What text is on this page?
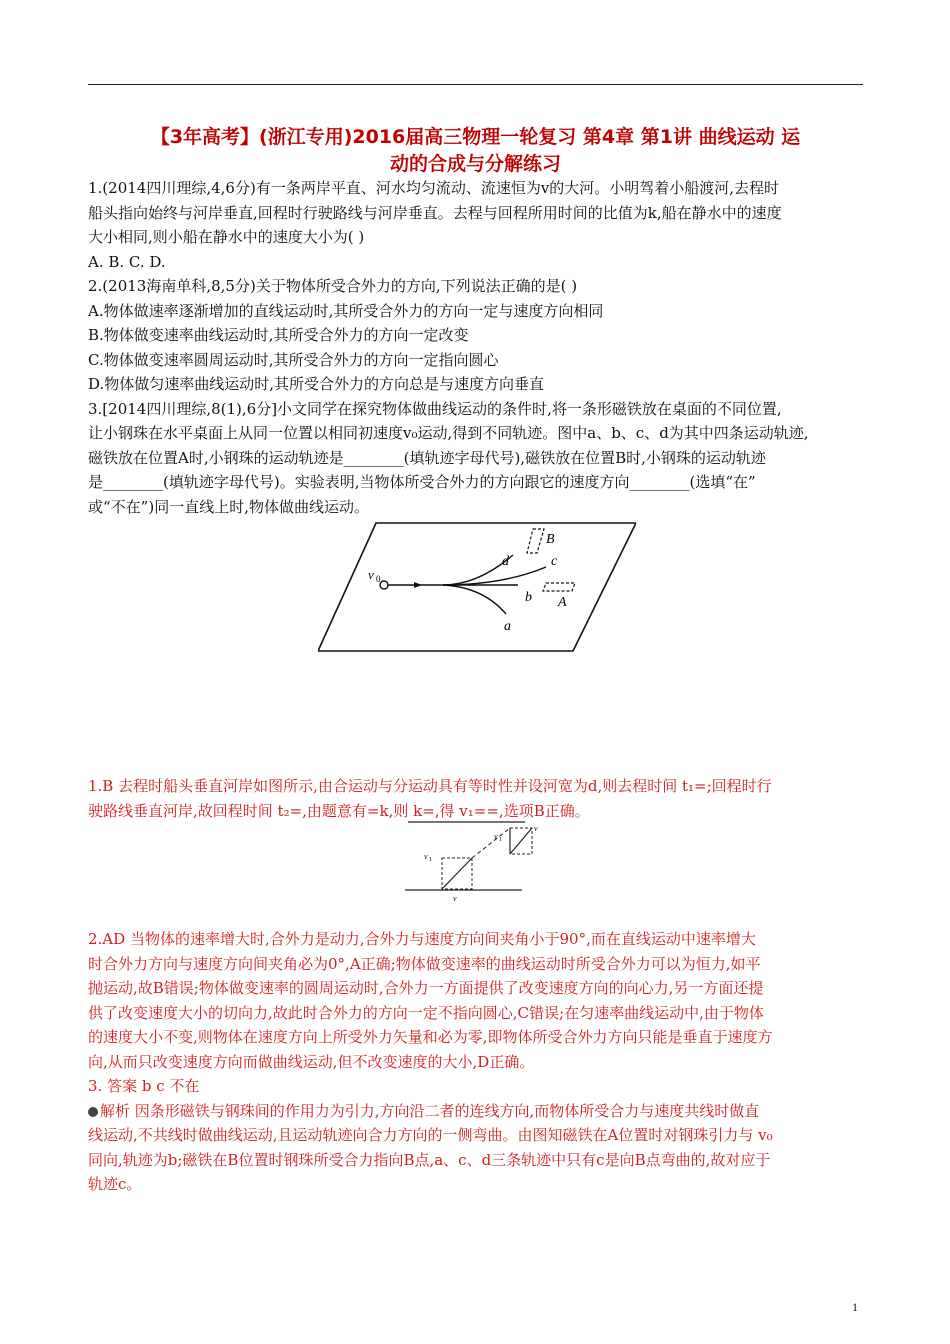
【3年高考】(浙江专用)2016届高三物理一轮复习 第4章 第1讲 曲线运动 运
动的合成与分解练习

1.(2014四川理综,4,6分)有一条两岸平直、河水均匀流动、流速恒为v的大河。小明驾着小船渡河,去程时

船头指向始终与河岸垂直,回程时行驶路线与河岸垂直。去程与回程所用时间的比值为k,船在静水中的速度

大小相同,则小船在静水中的速度大小为( )

A. B. C. D.

2.(2013海南单科,8,5分)关于物体所受合外力的方向,下列说法正确的是( )

A.物体做速率逐渐增加的直线运动时,其所受合外力的方向一定与速度方向相同

B.物体做变速率曲线运动时,其所受合外力的方向一定改变

C.物体做变速率圆周运动时,其所受合外力的方向一定指向圆心

D.物体做匀速率曲线运动时,其所受合外力的方向总是与速度方向垂直

3.[2014四川理综,8(1),6分]小文同学在探究物体做曲线运动的条件时,将一条形磁铁放在桌面的不同位置,

让小钢珠在水平桌面上从同一位置以相同初速度v₀运动,得到不同轨迹。图中a、b、c、d为其中四条运动轨迹,

磁铁放在位置A时,小钢珠的运动轨迹是________(填轨迹字母代号),磁铁放在位置B时,小钢珠的运动轨迹

是________(填轨迹字母代号)。实验表明,当物体所受合外力的方向跟它的速度方向________(选填“在”

或“不在”)同一直线上时,物体做曲线运动。

v 0
d	c
b
a
B
A

1.B 去程时船头垂直河岸如图所示,由合运动与分运动具有等时性并设河宽为d,则去程时间 t₁=;回程时行

驶路线垂直河岸,故回程时间 t₂=,由题意有=k,则 k=,得 v₁==,选项B正确。

v 1
v 1
v
v

2.AD 当物体的速率增大时,合外力是动力,合外力与速度方向间夹角小于90°,而在直线运动中速率增大

时合外力方向与速度方向间夹角必为0°,A正确;物体做变速率的曲线运动时所受合外力可以为恒力,如平

抛运动,故B错误;物体做变速率的圆周运动时,合外力一方面提供了改变速度方向的向心力,另一方面还提

供了改变速度大小的切向力,故此时合外力的方向一定不指向圆心,C错误;在匀速率曲线运动中,由于物体

的速度大小不变,则物体在速度方向上所受外力矢量和必为零,即物体所受合外力方向只能是垂直于速度方

向,从而只改变速度方向而做曲线运动,但不改变速度的大小,D正确。

3. 答案 b c 不在

解析 因条形磁铁与钢珠间的作用力为引力,方向沿二者的连线方向,而物体所受合力与速度共线时做直

线运动,不共线时做曲线运动,且运动轨迹向合力方向的一侧弯曲。由图知磁铁在A位置时对钢珠引力与 v₀

同向,轨迹为b;磁铁在B位置时钢珠所受合力指向B点,a、c、d三条轨迹中只有c是向B点弯曲的,故对应于

轨迹c。

1
